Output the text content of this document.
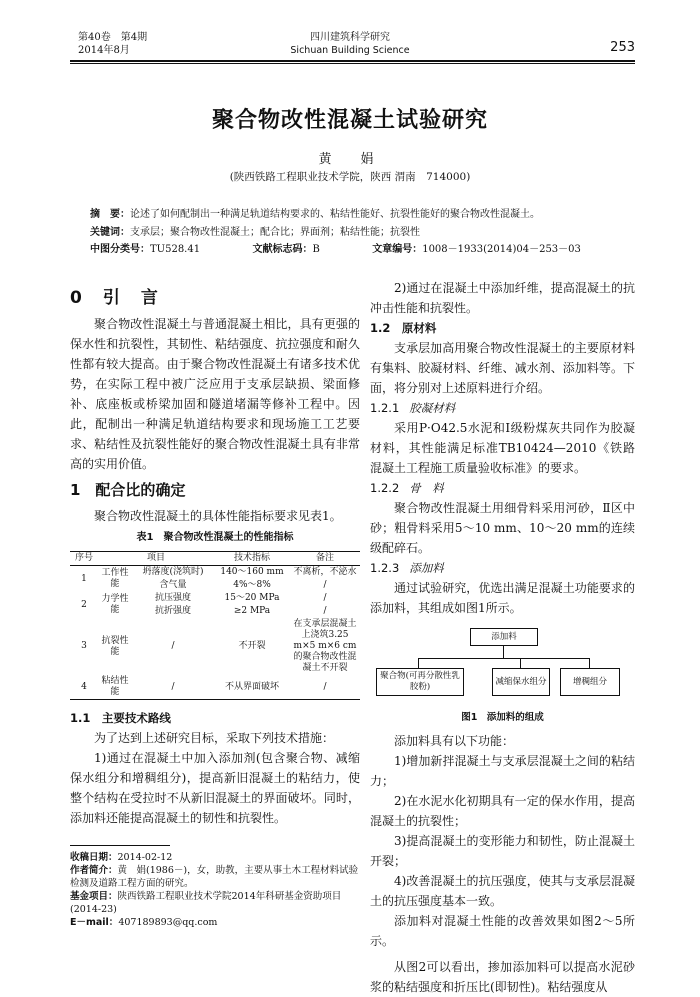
第40卷　第4期
2014年8月
四川建筑科学研究
Sichuan Building Science	253
聚合物改性混凝土试验研究
黄　娟
(陕西铁路工程职业技术学院，陕西 渭南　714000)
摘　要：论述了如何配制出一种满足轨道结构要求的、粘结性能好、抗裂性能好的聚合物改性混凝土。
关键词：支承层；聚合物改性混凝土；配合比；界面剂；粘结性能；抗裂性
中图分类号：TU528.41	文献标志码：B	文章编号：1008－1933(2014)04－253－03
0　引　言

聚合物改性混凝土与普通混凝土相比，具有更强的保水性和抗裂性，其韧性、粘结强度、抗拉强度和耐久性都有较大提高。由于聚合物改性混凝土有诸多技术优势，在实际工程中被广泛应用于支承层缺损、梁面修补、底座板或桥梁加固和隧道堵漏等修补工程中。因此，配制出一种满足轨道结构要求和现场施工工艺要求、粘结性及抗裂性能好的聚合物改性混凝土具有非常高的实用价值。

1　配合比的确定

聚合物改性混凝土的具体性能指标要求见表1。

表1　聚合物改性混凝土的性能指标
序号	项目		技术指标	备注
1	工作性能	坍落度(浇筑时)	140～160 mm	不离析，不泌水
		含气量	4%～8%	/
2	力学性能	抗压强度	15～20 MPa	/
		抗折强度	≥2 MPa	/
3	抗裂性能	/	不开裂	在支承层混凝土上浇筑3.25 m×5 m×6 cm的聚合物改性混凝土不开裂
4	粘结性能	/	不从界面破坏	/
1.1　主要技术路线

为了达到上述研究目标，采取下列技术措施：

1)通过在混凝土中加入添加剂(包含聚合物、减缩保水组分和增稠组分)，提高新旧混凝土的粘结力，使整个结构在受拉时不从新旧混凝土的界面破坏。同时，添加料还能提高混凝土的韧性和抗裂性。

收稿日期：2014-02-12
作者简介：黄　娟(1986－)，女，助教，主要从事土木工程材料试验检测及道路工程方面的研究。
基金项目：陕西铁路工程职业技术学院2014年科研基金资助项目(2014-23)
E－mail：407189893@qq.com

2)通过在混凝土中添加纤维，提高混凝土的抗冲击性能和抗裂性。

1.2　原材料

支承层加高用聚合物改性混凝土的主要原材料有集料、胶凝材料、纤维、减水剂、添加料等。下面，将分别对上述原料进行介绍。

1.2.1 胶凝材料

采用P·O42.5水泥和Ⅰ级粉煤灰共同作为胶凝材料，其性能满足标准TB10424—2010《铁路混凝土工程施工质量验收标准》的要求。

1.2.2 骨　料

聚合物改性混凝土用细骨料采用河砂，Ⅱ区中砂；粗骨料采用5～10 mm、10～20 mm的连续级配碎石。

1.2.3 添加料

通过试验研究，优选出满足混凝土功能要求的添加料，其组成如图1所示。

添加料
聚合物(可再分散性乳胶粉)
减缩保水组分	增稠组分
图1　添加料的组成

添加料具有以下功能：

1)增加新拌混凝土与支承层混凝土之间的粘结力；

2)在水泥水化初期具有一定的保水作用，提高混凝土的抗裂性；

3)提高混凝土的变形能力和韧性，防止混凝土开裂；

4)改善混凝土的抗压强度，使其与支承层混凝土的抗压强度基本一致。

添加料对混凝土性能的改善效果如图2～5所示。

从图2可以看出，掺加添加料可以提高水泥砂浆的粘结强度和折压比(即韧性)。粘结强度从
